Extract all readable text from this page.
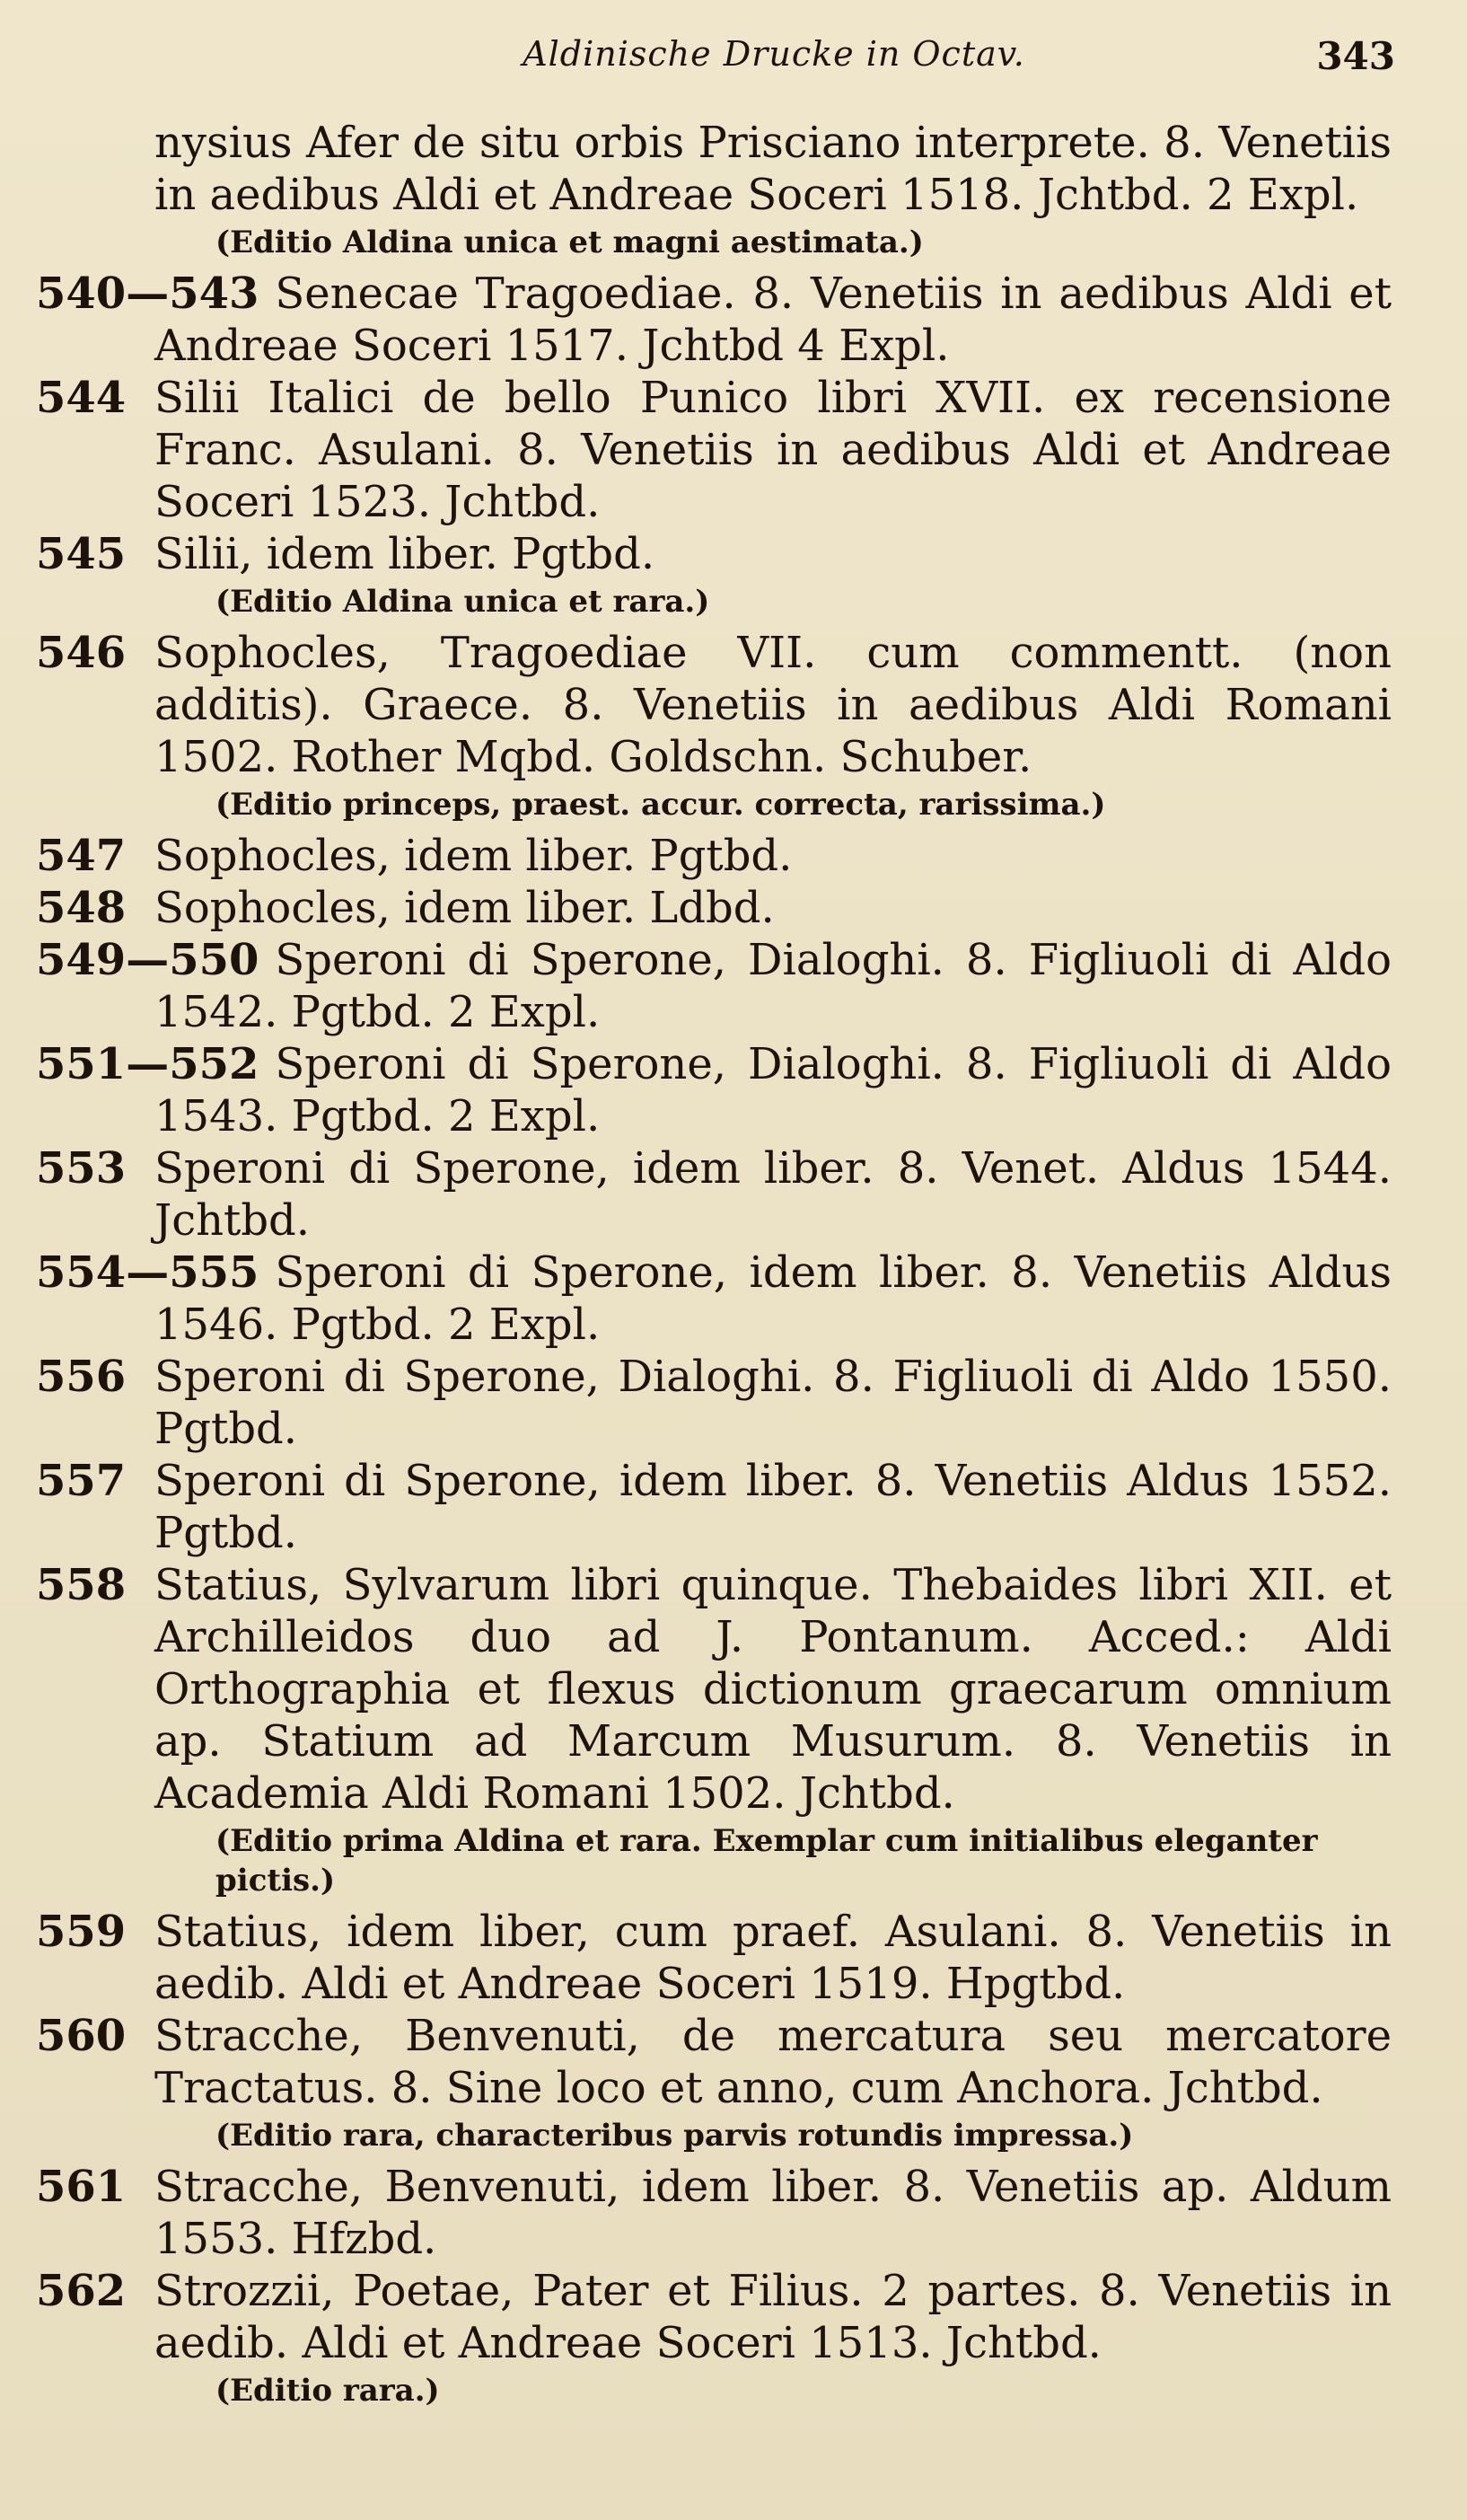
Aldinische Drucke in Octav.	343
nysius Afer de situ orbis Prisciano interprete. 8. Venetiis in aedibus Aldi et Andreae Soceri 1518. Jchtbd. 2 Expl.
(Editio Aldina unica et magni aestimata.)
540—543 Senecae Tragoediae. 8. Venetiis in aedibus Aldi et Andreae Soceri 1517. Jchtbd 4 Expl.
544 Silii Italici de bello Punico libri XVII. ex recensione Franc. Asulani. 8. Venetiis in aedibus Aldi et Andreae Soceri 1523. Jchtbd.
545 Silii, idem liber. Pgtbd.
(Editio Aldina unica et rara.)
546 Sophocles, Tragoediae VII. cum commentt. (non additis). Graece. 8. Venetiis in aedibus Aldi Romani 1502. Rother Mqbd. Goldschn. Schuber.
(Editio princeps, praest. accur. correcta, rarissima.)
547 Sophocles, idem liber. Pgtbd.
548 Sophocles, idem liber. Ldbd.
549—550 Speroni di Sperone, Dialoghi. 8. Figliuoli di Aldo 1542. Pgtbd. 2 Expl.
551—552 Speroni di Sperone, Dialoghi. 8. Figliuoli di Aldo 1543. Pgtbd. 2 Expl.
553 Speroni di Sperone, idem liber. 8. Venet. Aldus 1544. Jchtbd.
554—555 Speroni di Sperone, idem liber. 8. Venetiis Aldus 1546. Pgtbd. 2 Expl.
556 Speroni di Sperone, Dialoghi. 8. Figliuoli di Aldo 1550. Pgtbd.
557 Speroni di Sperone, idem liber. 8. Venetiis Aldus 1552. Pgtbd.
558 Statius, Sylvarum libri quinque. Thebaides libri XII. et Archilleidos duo ad J. Pontanum. Acced.: Aldi Orthographia et flexus dictionum graecarum omnium ap. Statium ad Marcum Musurum. 8. Venetiis in Academia Aldi Romani 1502. Jchtbd.
(Editio prima Aldina et rara. Exemplar cum initialibus eleganter pictis.)
559 Statius, idem liber, cum praef. Asulani. 8. Venetiis in aedib. Aldi et Andreae Soceri 1519. Hpgtbd.
560 Stracche, Benvenuti, de mercatura seu mercatore Tractatus. 8. Sine loco et anno, cum Anchora. Jchtbd.
(Editio rara, characteribus parvis rotundis impressa.)
561 Stracche, Benvenuti, idem liber. 8. Venetiis ap. Aldum 1553. Hfzbd.
562 Strozzii, Poetae, Pater et Filius. 2 partes. 8. Venetiis in aedib. Aldi et Andreae Soceri 1513. Jchtbd.
(Editio rara.)
